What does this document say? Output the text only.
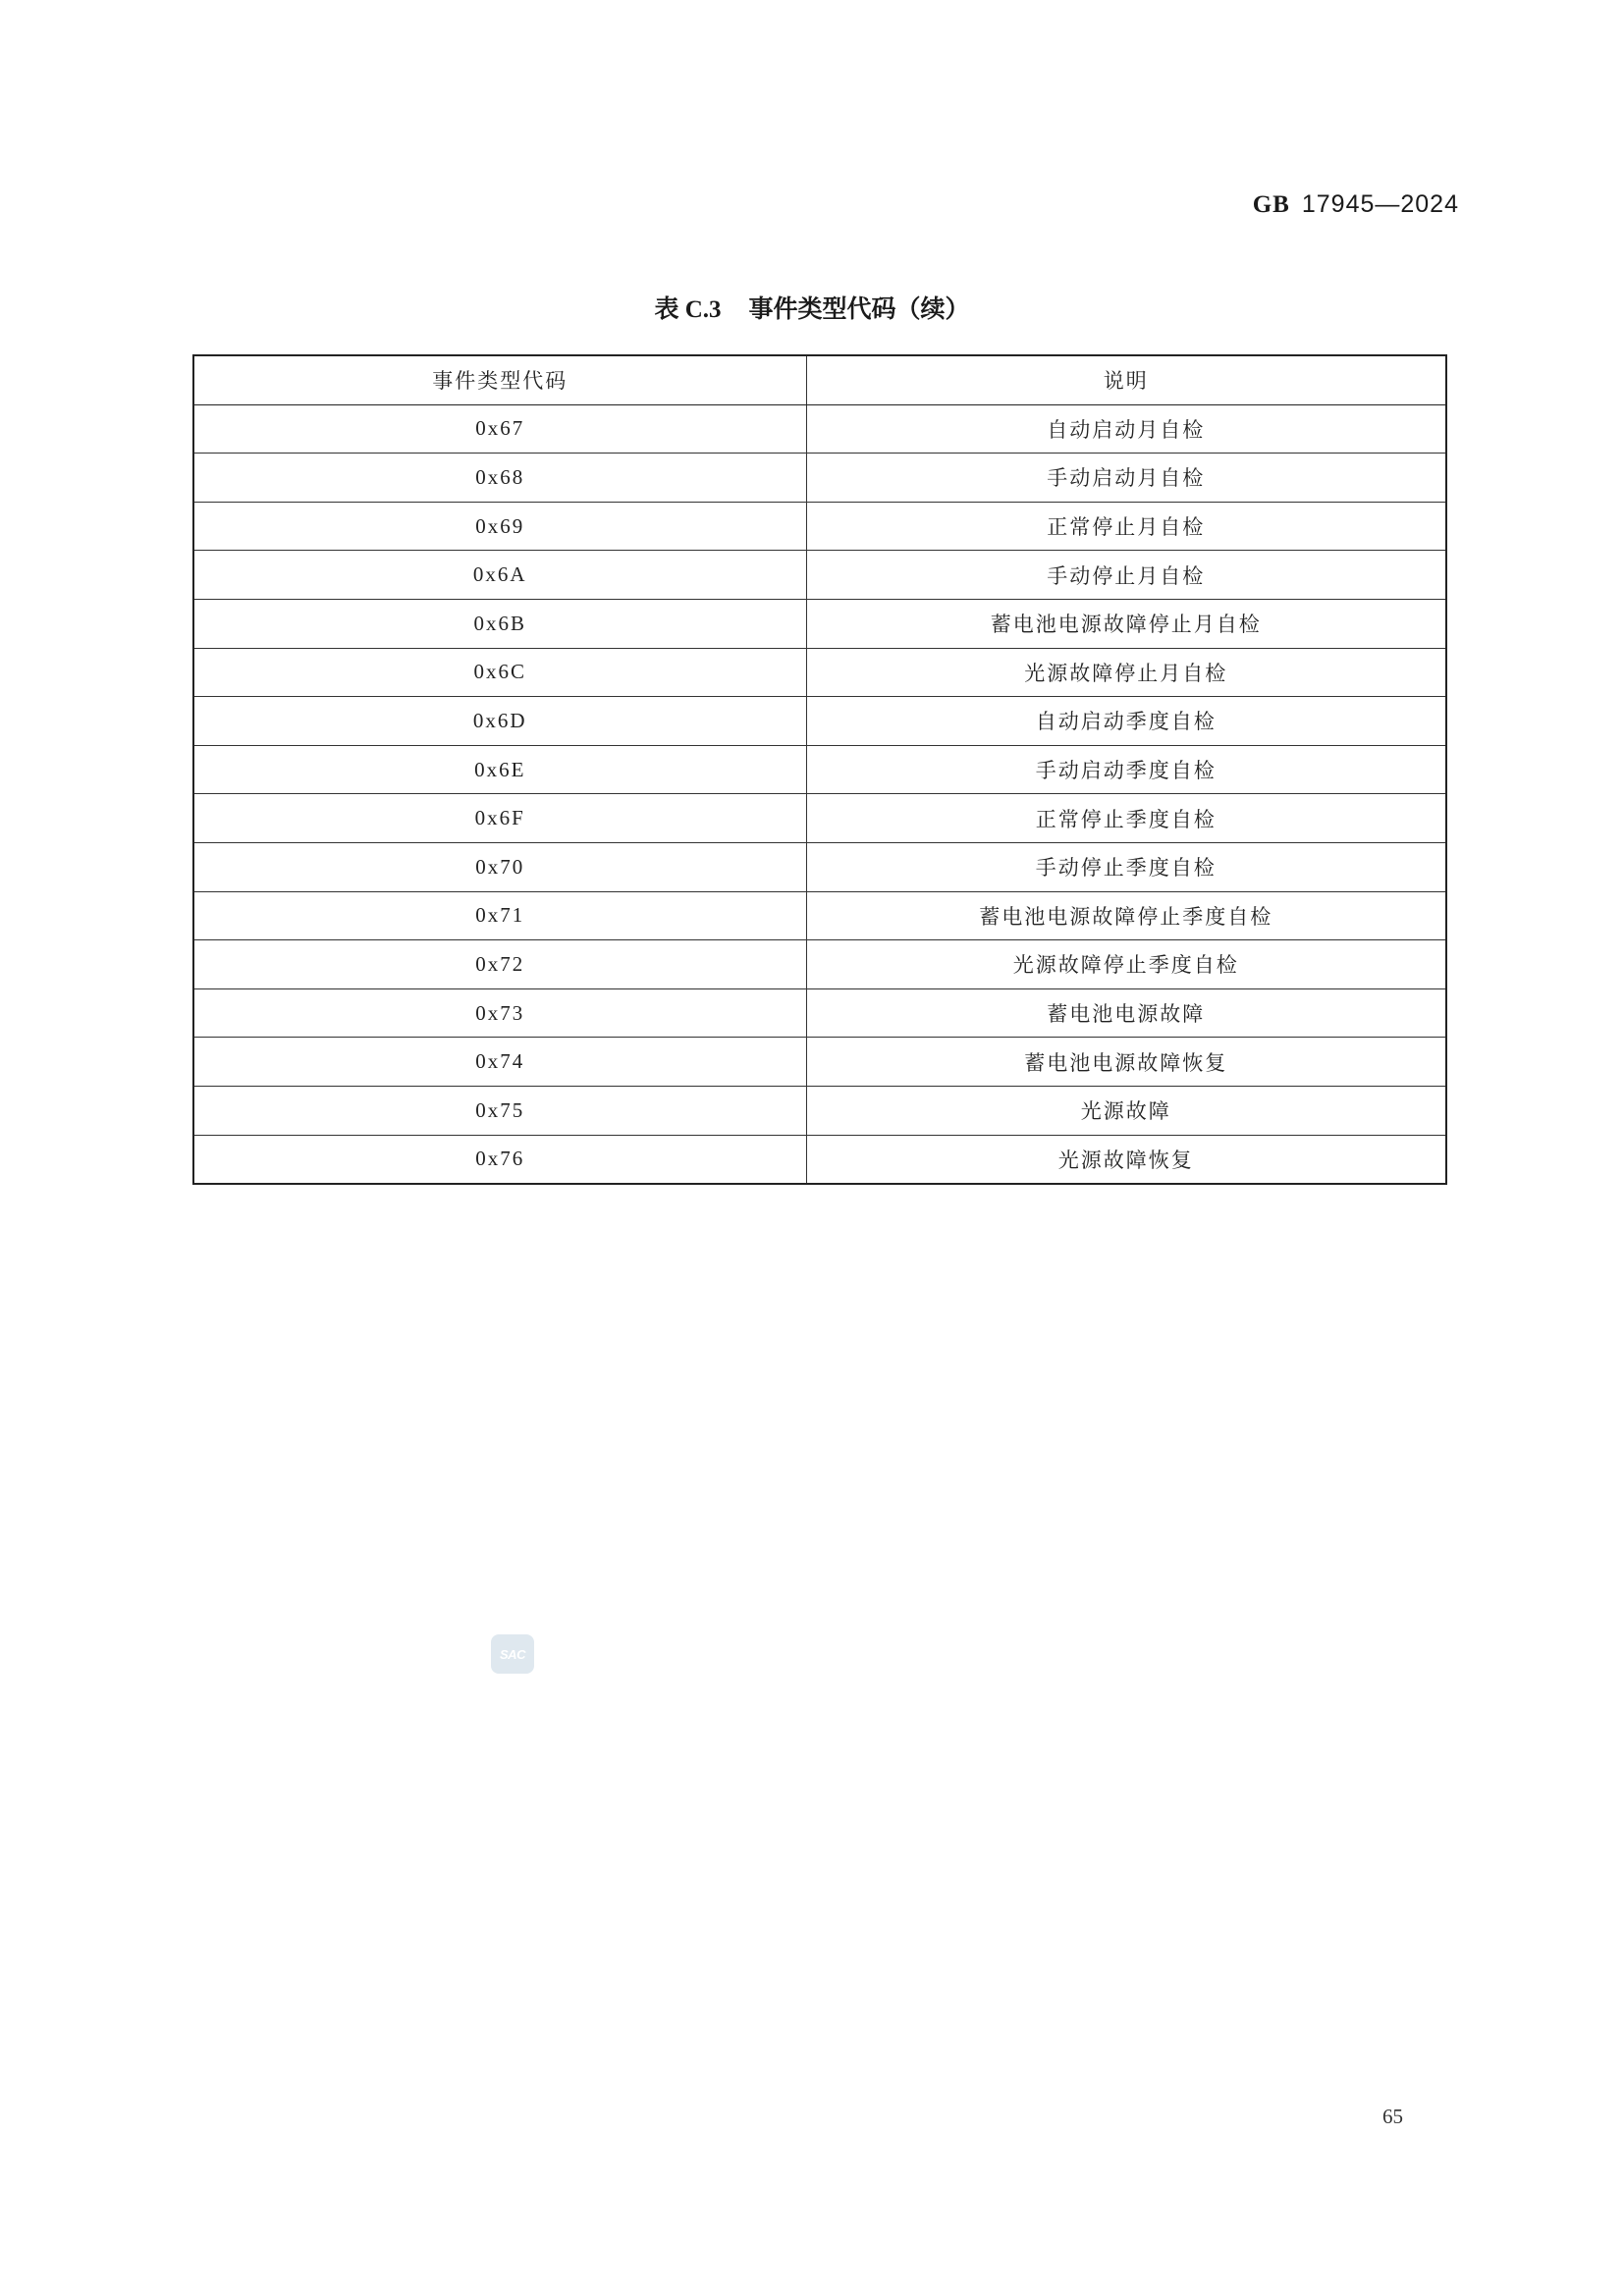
GB 17945—2024
表 C.3 事件类型代码（续）
事件类型代码	说明
0x67	自动启动月自检
0x68	手动启动月自检
0x69	正常停止月自检
0x6A	手动停止月自检
0x6B	蓄电池电源故障停止月自检
0x6C	光源故障停止月自检
0x6D	自动启动季度自检
0x6E	手动启动季度自检
0x6F	正常停止季度自检
0x70	手动停止季度自检
0x71	蓄电池电源故障停止季度自检
0x72	光源故障停止季度自检
0x73	蓄电池电源故障
0x74	蓄电池电源故障恢复
0x75	光源故障
0x76	光源故障恢复
SAC
65
